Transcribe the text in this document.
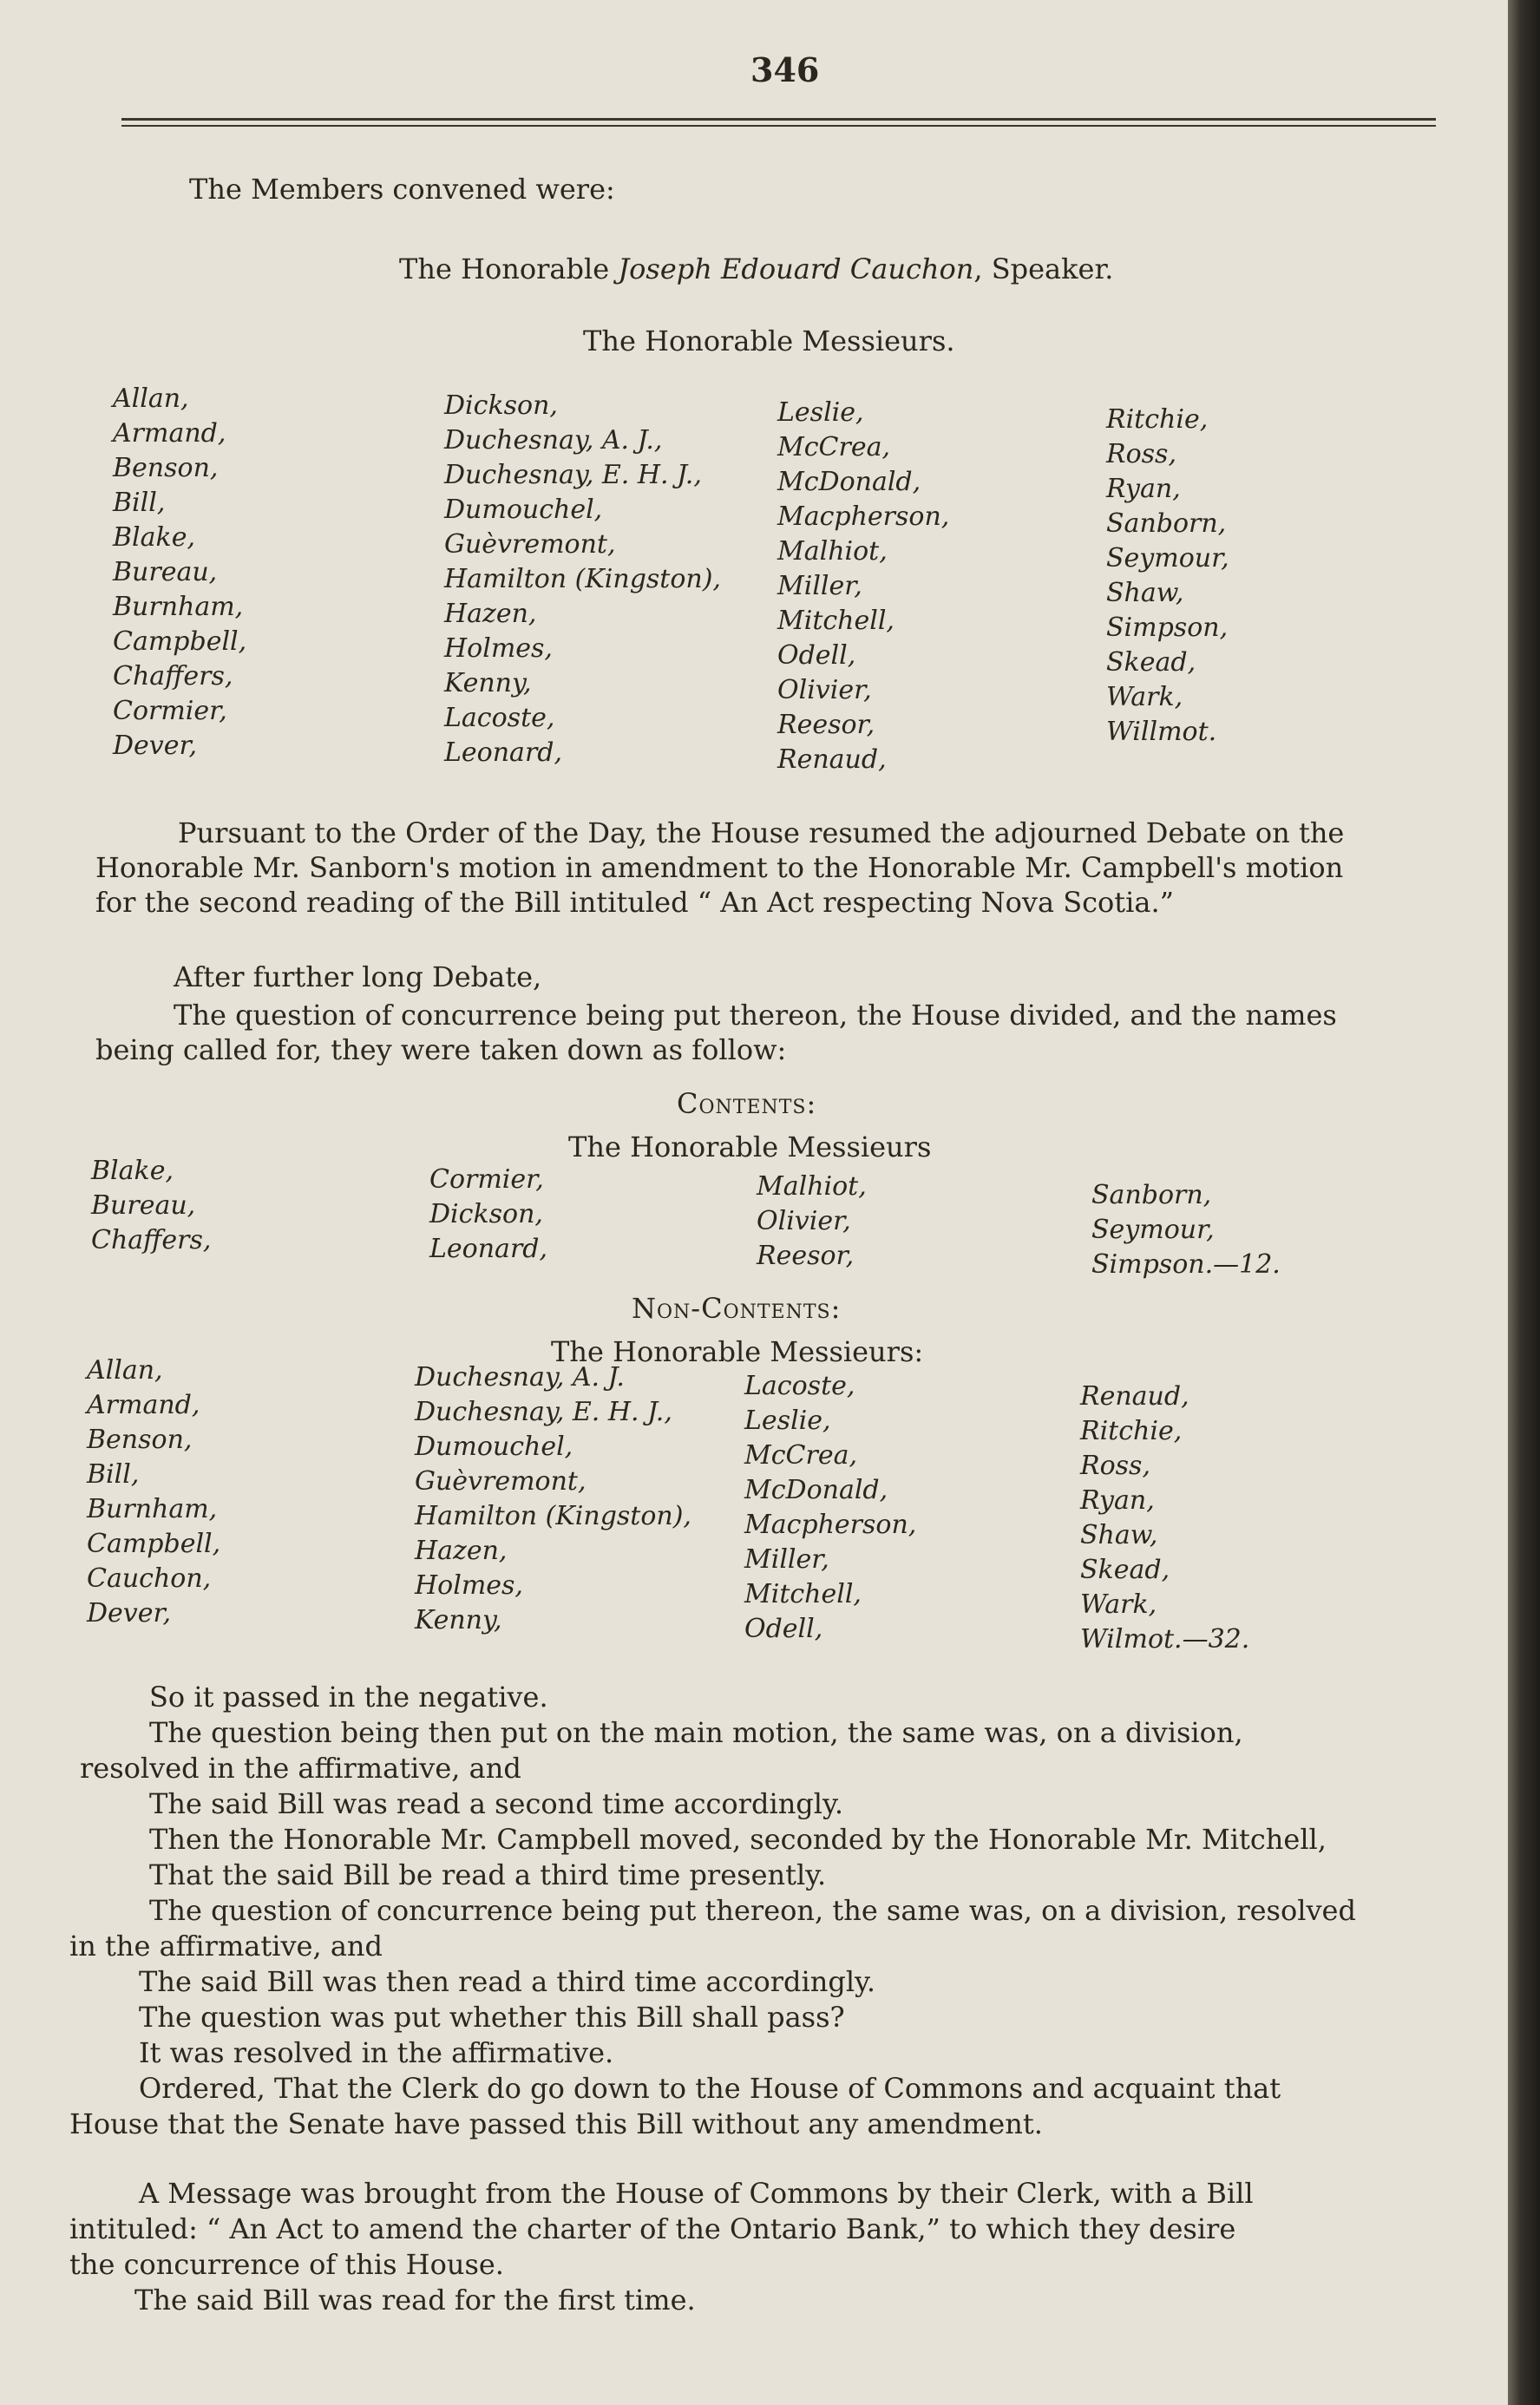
346
The Members convened were:
The Honorable Joseph Edouard Cauchon, Speaker.
The Honorable Messieurs.
Allan,
Armand,
Benson,
Bill,
Blake,
Bureau,
Burnham,
Campbell,
Chaffers,
Cormier,
Dever,
Dickson,
Duchesnay, A. J.,
Duchesnay, E. H. J.,
Dumouchel,
Guèvremont,
Hamilton (Kingston),
Hazen,
Holmes,
Kenny,
Lacoste,
Leonard,
Leslie,
McCrea,
McDonald,
Macpherson,
Malhiot,
Miller,
Mitchell,
Odell,
Olivier,
Reesor,
Renaud,
Ritchie,
Ross,
Ryan,
Sanborn,
Seymour,
Shaw,
Simpson,
Skead,
Wark,
Willmot.
Pursuant to the Order of the Day, the House resumed the adjourned Debate on the
Honorable Mr. Sanborn's motion in amendment to the Honorable Mr. Campbell's motion
for the second reading of the Bill intituled “ An Act respecting Nova Scotia.”
After further long Debate,
The question of concurrence being put thereon, the House divided, and the names
being called for, they were taken down as follow:
Contents:
The Honorable Messieurs
Blake,
Bureau,
Chaffers,
Cormier,
Dickson,
Leonard,
Malhiot,
Olivier,
Reesor,
Sanborn,
Seymour,
Simpson.—12.
Non-Contents:
The Honorable Messieurs:
Allan,
Armand,
Benson,
Bill,
Burnham,
Campbell,
Cauchon,
Dever,
Duchesnay, A. J.
Duchesnay, E. H. J.,
Dumouchel,
Guèvremont,
Hamilton (Kingston),
Hazen,
Holmes,
Kenny,
Lacoste,
Leslie,
McCrea,
McDonald,
Macpherson,
Miller,
Mitchell,
Odell,
Renaud,
Ritchie,
Ross,
Ryan,
Shaw,
Skead,
Wark,
Wilmot.—32.
So it passed in the negative.
The question being then put on the main motion, the same was, on a division,
resolved in the affirmative, and
The said Bill was read a second time accordingly.
Then the Honorable Mr. Campbell moved, seconded by the Honorable Mr. Mitchell,
That the said Bill be read a third time presently.
The question of concurrence being put thereon, the same was, on a division, resolved
in the affirmative, and
The said Bill was then read a third time accordingly.
The question was put whether this Bill shall pass?
It was resolved in the affirmative.
Ordered, That the Clerk do go down to the House of Commons and acquaint that
House that the Senate have passed this Bill without any amendment.
A Message was brought from the House of Commons by their Clerk, with a Bill
intituled: “ An Act to amend the charter of the Ontario Bank,” to which they desire
the concurrence of this House.
The said Bill was read for the first time.
